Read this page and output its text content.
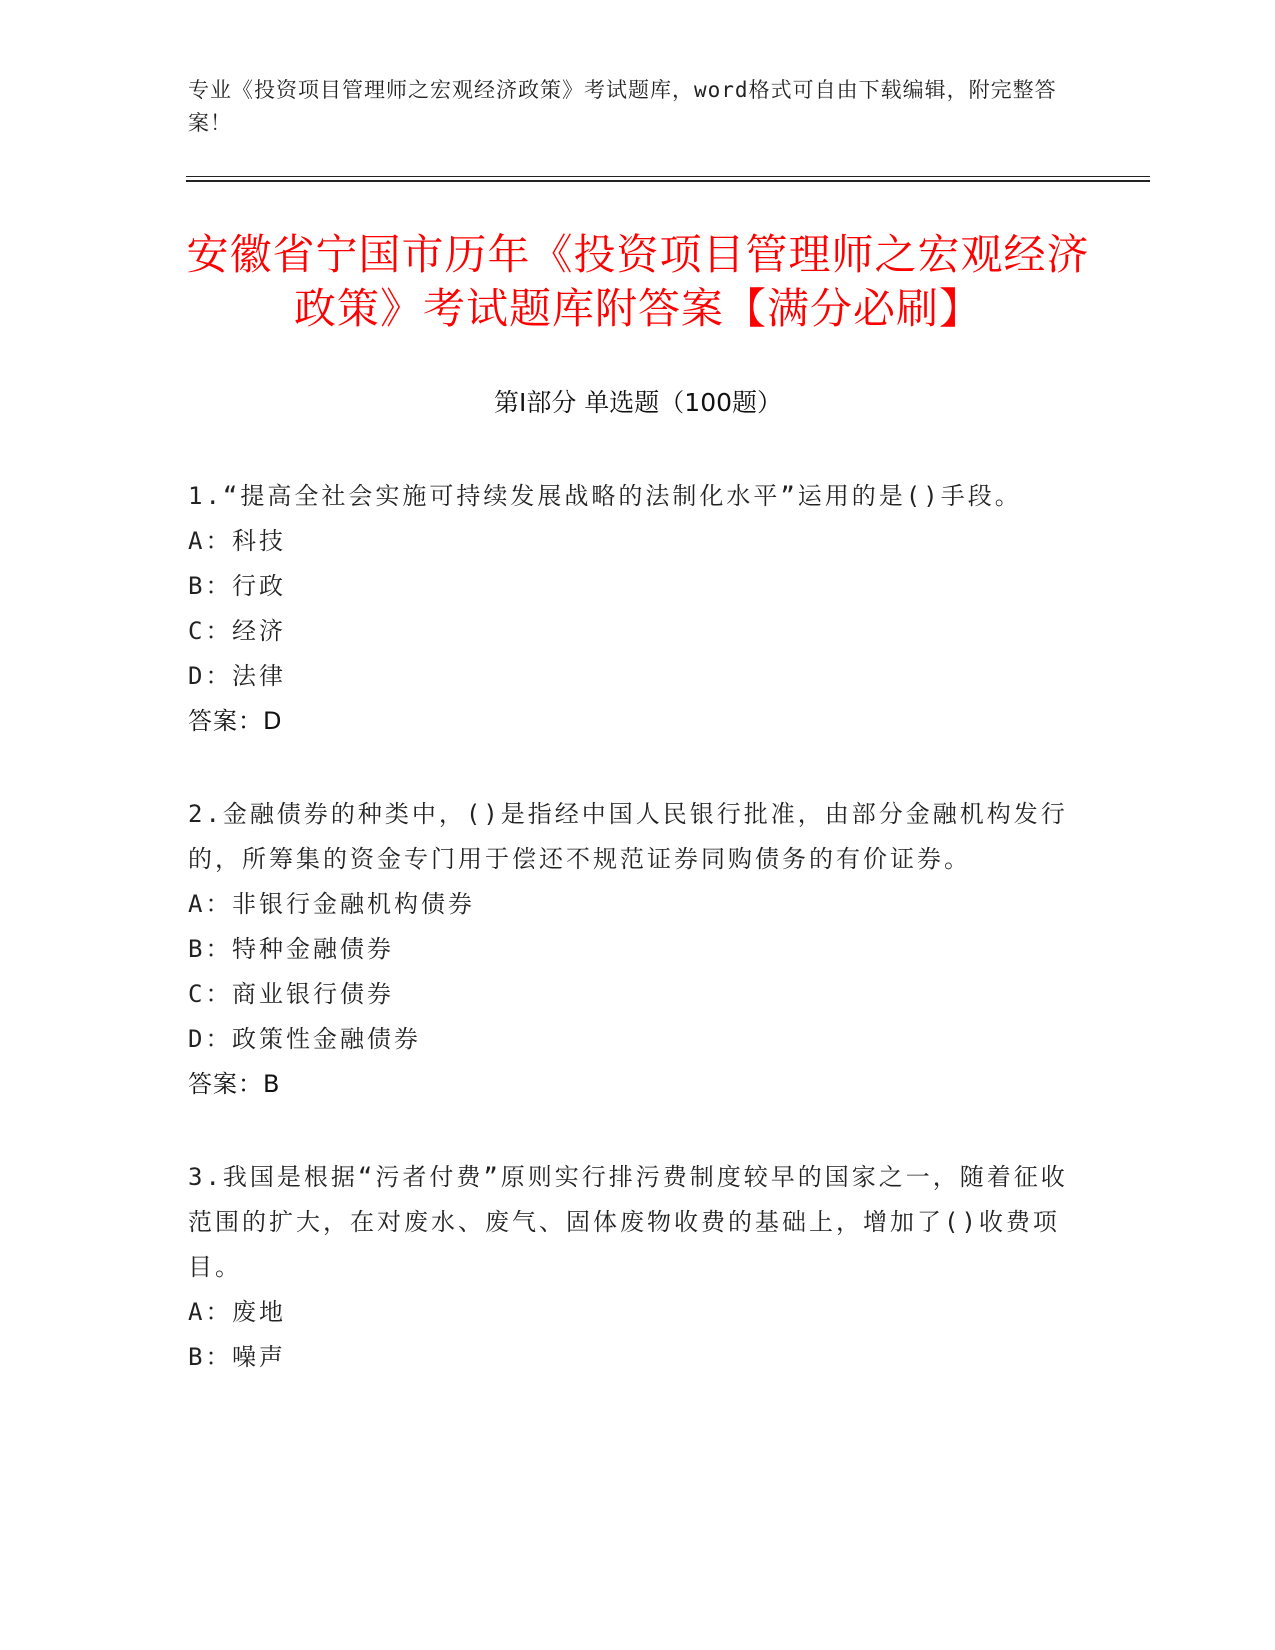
专业《投资项目管理师之宏观经济政策》考试题库，word格式可自由下载编辑，附完整答案！
安徽省宁国市历年《投资项目管理师之宏观经济政策》考试题库附答案【满分必刷】
第Ⅰ部分 单选题（100题）

1.“提高全社会实施可持续发展战略的法制化水平”运用的是()手段。

A：科技

B：行政

C：经济

D：法律

答案：D

2.金融债券的种类中，()是指经中国人民银行批准，由部分金融机构发行的，所筹集的资金专门用于偿还不规范证券同购债务的有价证券。

A：非银行金融机构债券

B：特种金融债券

C：商业银行债券

D：政策性金融债券

答案：B

3.我国是根据“污者付费”原则实行排污费制度较早的国家之一，随着征收范围的扩大，在对废水、废气、固体废物收费的基础上，增加了()收费项目。

A：废地

B：噪声
